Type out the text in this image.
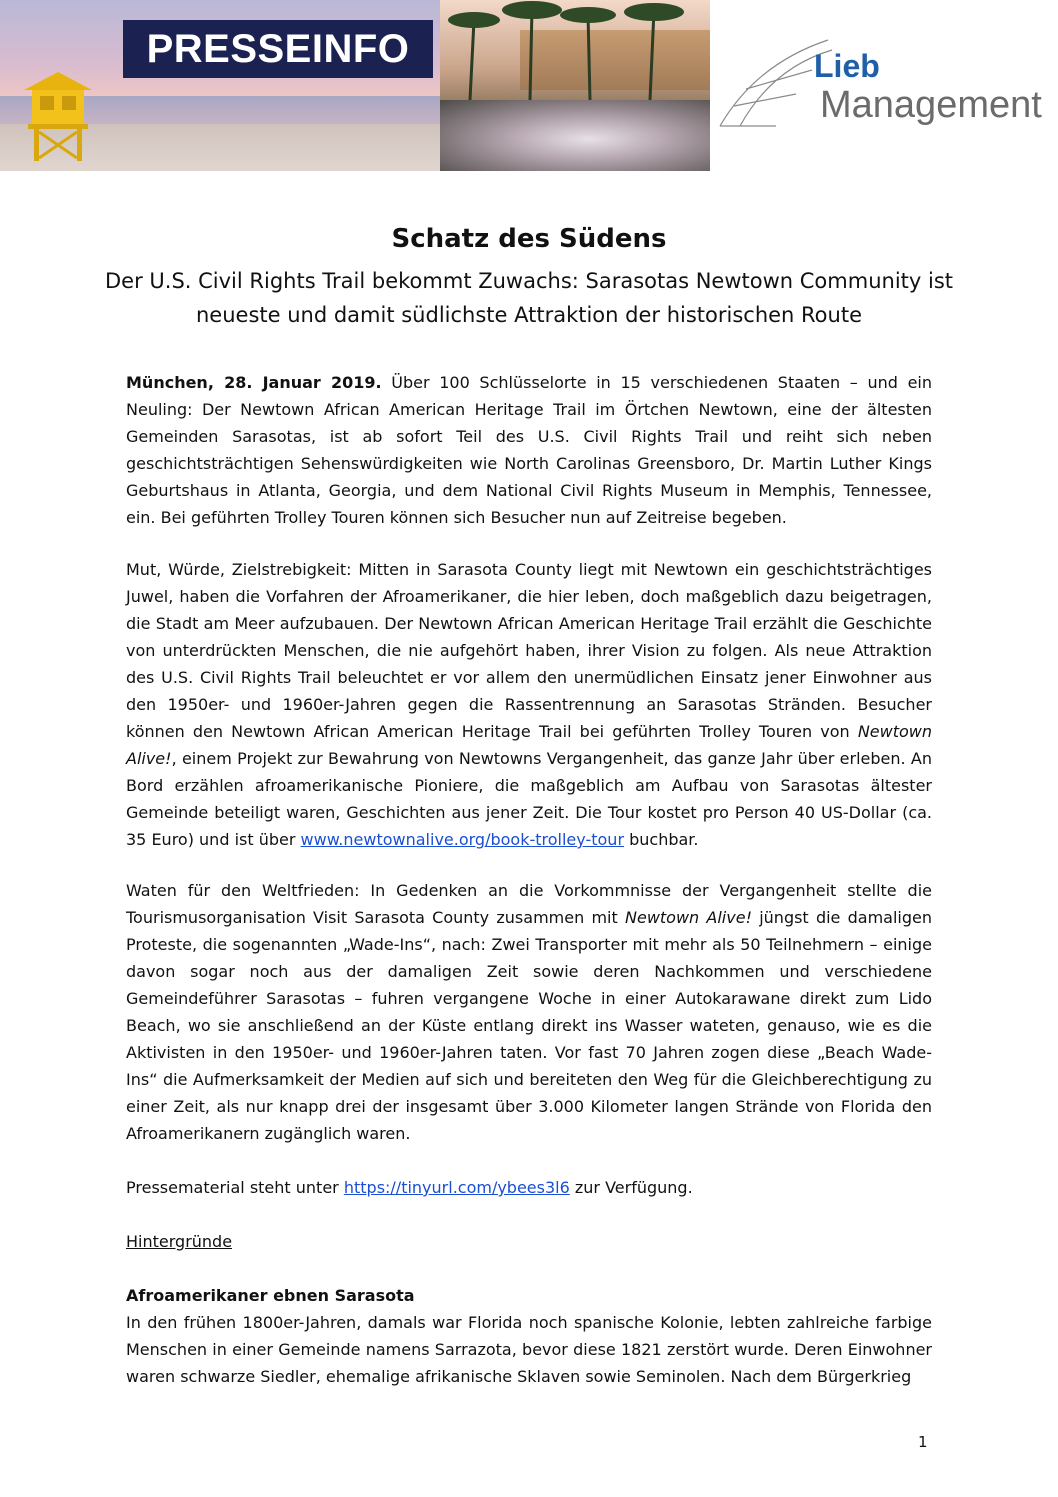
PRESSEINFO	Lieb
Management
Schatz des Südens
Der U.S. Civil Rights Trail bekommt Zuwachs: Sarasotas Newtown Community ist neueste und damit südlichste Attraktion der historischen Route
München, 28. Januar 2019. Über 100 Schlüsselorte in 15 verschiedenen Staaten – und ein Neuling: Der Newtown African American Heritage Trail im Örtchen Newtown, eine der ältesten Gemeinden Sarasotas, ist ab sofort Teil des U.S. Civil Rights Trail und reiht sich neben geschichtsträchtigen Sehenswürdigkeiten wie North Carolinas Greensboro, Dr. Martin Luther Kings Geburtshaus in Atlanta, Georgia, und dem National Civil Rights Museum in Memphis, Tennessee, ein. Bei geführten Trolley Touren können sich Besucher nun auf Zeitreise begeben.
Mut, Würde, Zielstrebigkeit: Mitten in Sarasota County liegt mit Newtown ein geschichtsträchtiges Juwel, haben die Vorfahren der Afroamerikaner, die hier leben, doch maßgeblich dazu beigetragen, die Stadt am Meer aufzubauen. Der Newtown African American Heritage Trail erzählt die Geschichte von unterdrückten Menschen, die nie aufgehört haben, ihrer Vision zu folgen. Als neue Attraktion des U.S. Civil Rights Trail beleuchtet er vor allem den unermüdlichen Einsatz jener Einwohner aus den 1950er- und 1960er-Jahren gegen die Rassentrennung an Sarasotas Stränden. Besucher können den Newtown African American Heritage Trail bei geführten Trolley Touren von Newtown Alive!, einem Projekt zur Bewahrung von Newtowns Vergangenheit, das ganze Jahr über erleben. An Bord erzählen afroamerikanische Pioniere, die maßgeblich am Aufbau von Sarasotas ältester Gemeinde beteiligt waren, Geschichten aus jener Zeit. Die Tour kostet pro Person 40 US-Dollar (ca. 35 Euro) und ist über www.newtownalive.org/book-trolley-tour buchbar.
Waten für den Weltfrieden: In Gedenken an die Vorkommnisse der Vergangenheit stellte die Tourismusorganisation Visit Sarasota County zusammen mit Newtown Alive! jüngst die damaligen Proteste, die sogenannten „Wade-Ins“, nach: Zwei Transporter mit mehr als 50 Teilnehmern – einige davon sogar noch aus der damaligen Zeit sowie deren Nachkommen und verschiedene Gemeindeführer Sarasotas – fuhren vergangene Woche in einer Autokarawane direkt zum Lido Beach, wo sie anschließend an der Küste entlang direkt ins Wasser wateten, genauso, wie es die Aktivisten in den 1950er- und 1960er-Jahren taten. Vor fast 70 Jahren zogen diese „Beach Wade-Ins“ die Aufmerksamkeit der Medien auf sich und bereiteten den Weg für die Gleichberechtigung zu einer Zeit, als nur knapp drei der insgesamt über 3.000 Kilometer langen Strände von Florida den Afroamerikanern zugänglich waren.
Pressematerial steht unter https://tinyurl.com/ybees3l6 zur Verfügung.
Hintergründe
Afroamerikaner ebnen Sarasota
In den frühen 1800er-Jahren, damals war Florida noch spanische Kolonie, lebten zahlreiche farbige Menschen in einer Gemeinde namens Sarrazota, bevor diese 1821 zerstört wurde. Deren Einwohner waren schwarze Siedler, ehemalige afrikanische Sklaven sowie Seminolen. Nach dem Bürgerkrieg
1
